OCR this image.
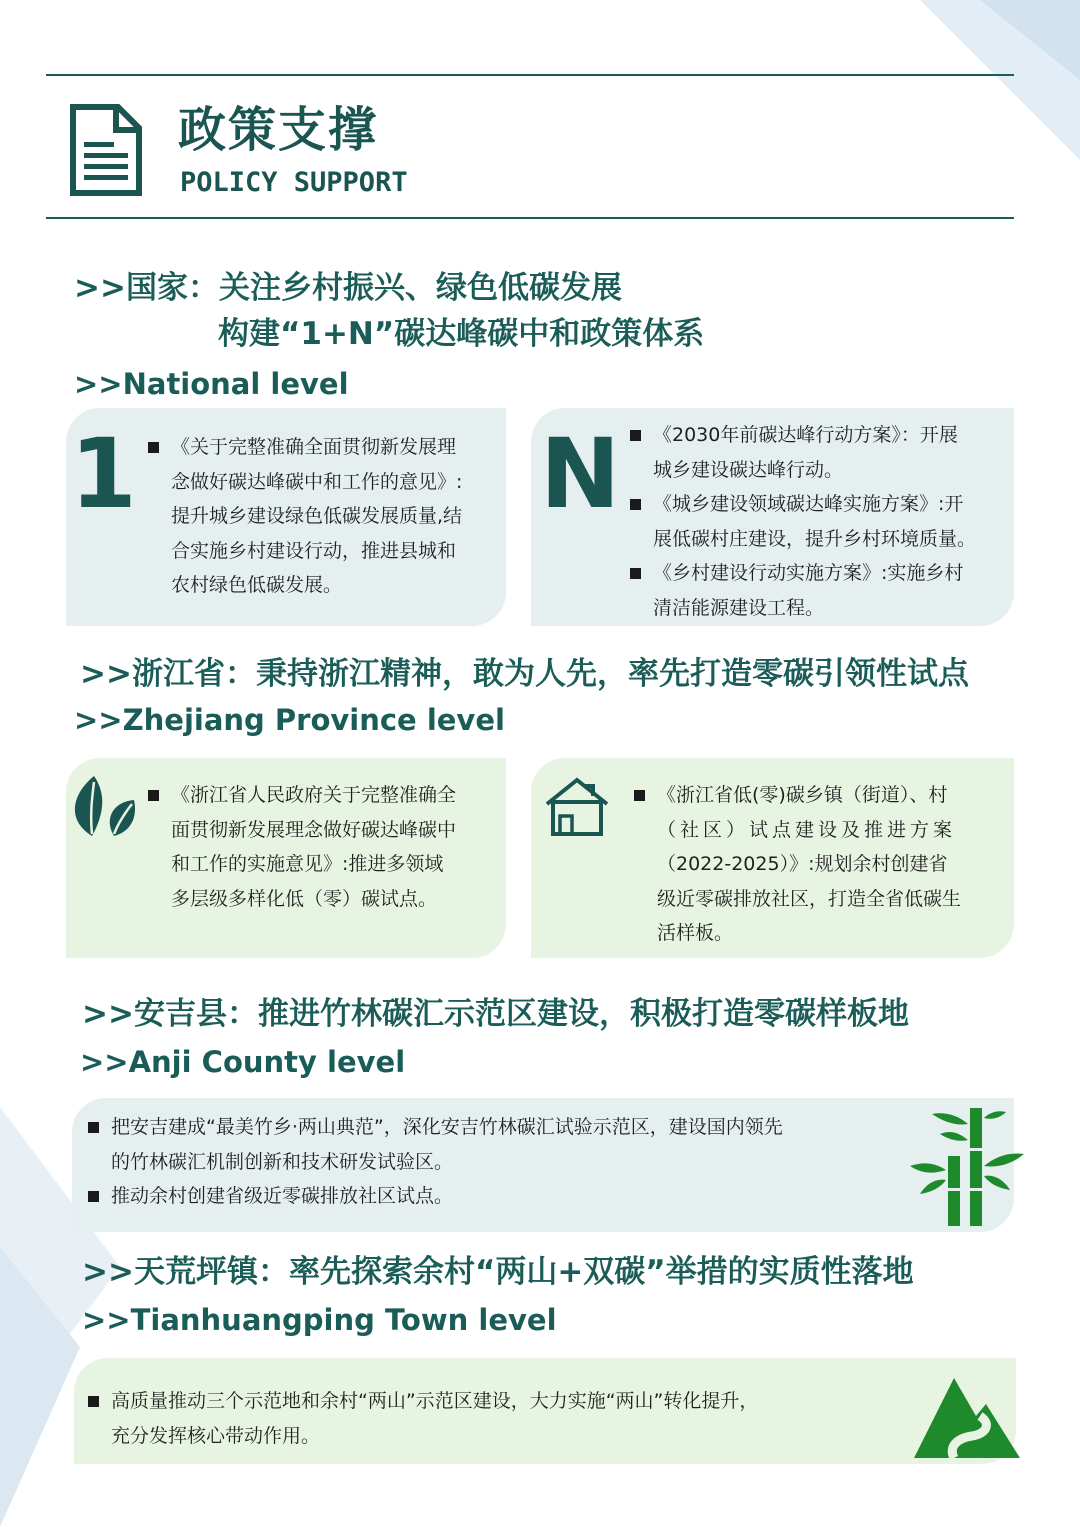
政策支撑
POLICY SUPPORT
>>国家：关注乡村振兴、绿色低碳发展
构建“1+N”碳达峰碳中和政策体系
>>National level
1 《关于完整准确全面贯彻新发展理
念做好碳达峰碳中和工作的意见》:
提升城乡建设绿色低碳发展质量,结
合实施乡村建设行动，推进县城和
农村绿色低碳发展。
N 《2030年前碳达峰行动方案》：开展
城乡建设碳达峰行动。
《城乡建设领域碳达峰实施方案》:开
展低碳村庄建设，提升乡村环境质量。
《乡村建设行动实施方案》:实施乡村
清洁能源建设工程。
>>浙江省：秉持浙江精神，敢为人先，率先打造零碳引领性试点
>>Zhejiang Province level
《浙江省人民政府关于完整准确全
面贯彻新发展理念做好碳达峰碳中
和工作的实施意见》:推进多领域
多层级多样化低（零）碳试点。
《浙江省低(零)碳乡镇（街道）、村
（社区）试点建设及推进方案
（2022-2025）》:规划余村创建省
级近零碳排放社区，打造全省低碳生
活样板。
>>安吉县：推进竹林碳汇示范区建设，积极打造零碳样板地
>>Anji County level
把安吉建成“最美竹乡·两山典范”，深化安吉竹林碳汇试验示范区，建设国内领先
的竹林碳汇机制创新和技术研发试验区。
推动余村创建省级近零碳排放社区试点。
>>天荒坪镇：率先探索余村“两山+双碳”举措的实质性落地
>>Tianhuangping Town level
高质量推动三个示范地和余村“两山”示范区建设，大力实施“两山”转化提升，
充分发挥核心带动作用。
